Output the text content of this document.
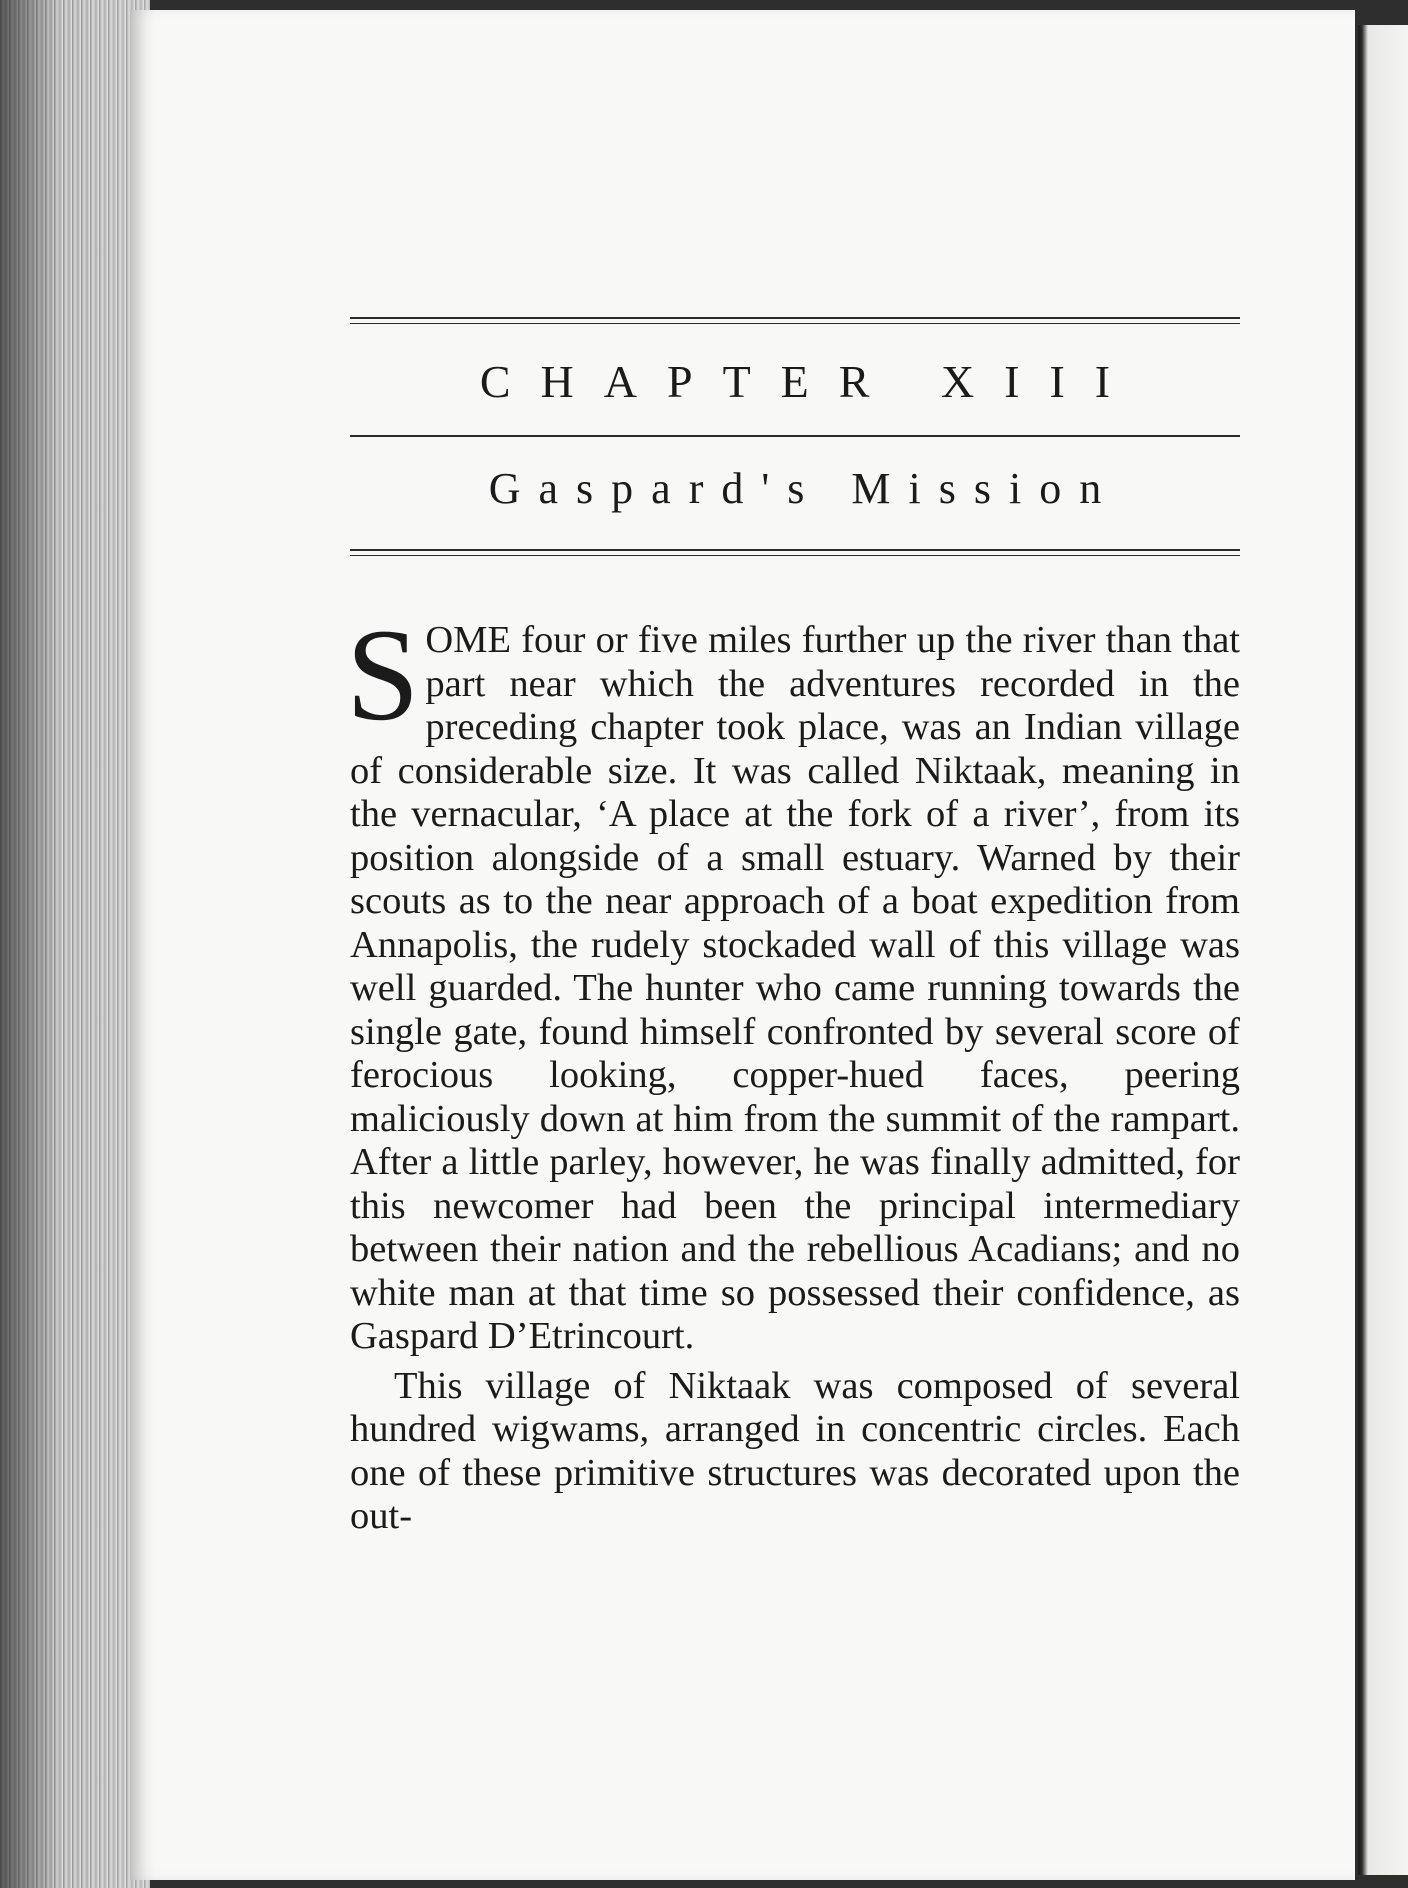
CHAPTER XIII
Gaspard's Mission

SOME four or five miles further up the river than that part near which the adventures recorded in the preceding chapter took place, was an Indian village of considerable size. It was called Niktaak, meaning in the vernacular, ‘A place at the fork of a river’, from its position alongside of a small estuary. Warned by their scouts as to the near approach of a boat expedition from Annapolis, the rudely stockaded wall of this village was well guarded. The hunter who came running towards the single gate, found himself confronted by several score of ferocious looking, copper-hued faces, peering maliciously down at him from the summit of the rampart. After a little parley, however, he was finally admitted, for this newcomer had been the principal intermediary between their nation and the rebellious Acadians; and no white man at that time so possessed their confidence, as Gaspard D’Etrincourt.

This village of Niktaak was composed of several hundred wigwams, arranged in concentric circles. Each one of these primitive structures was decorated upon the out-
